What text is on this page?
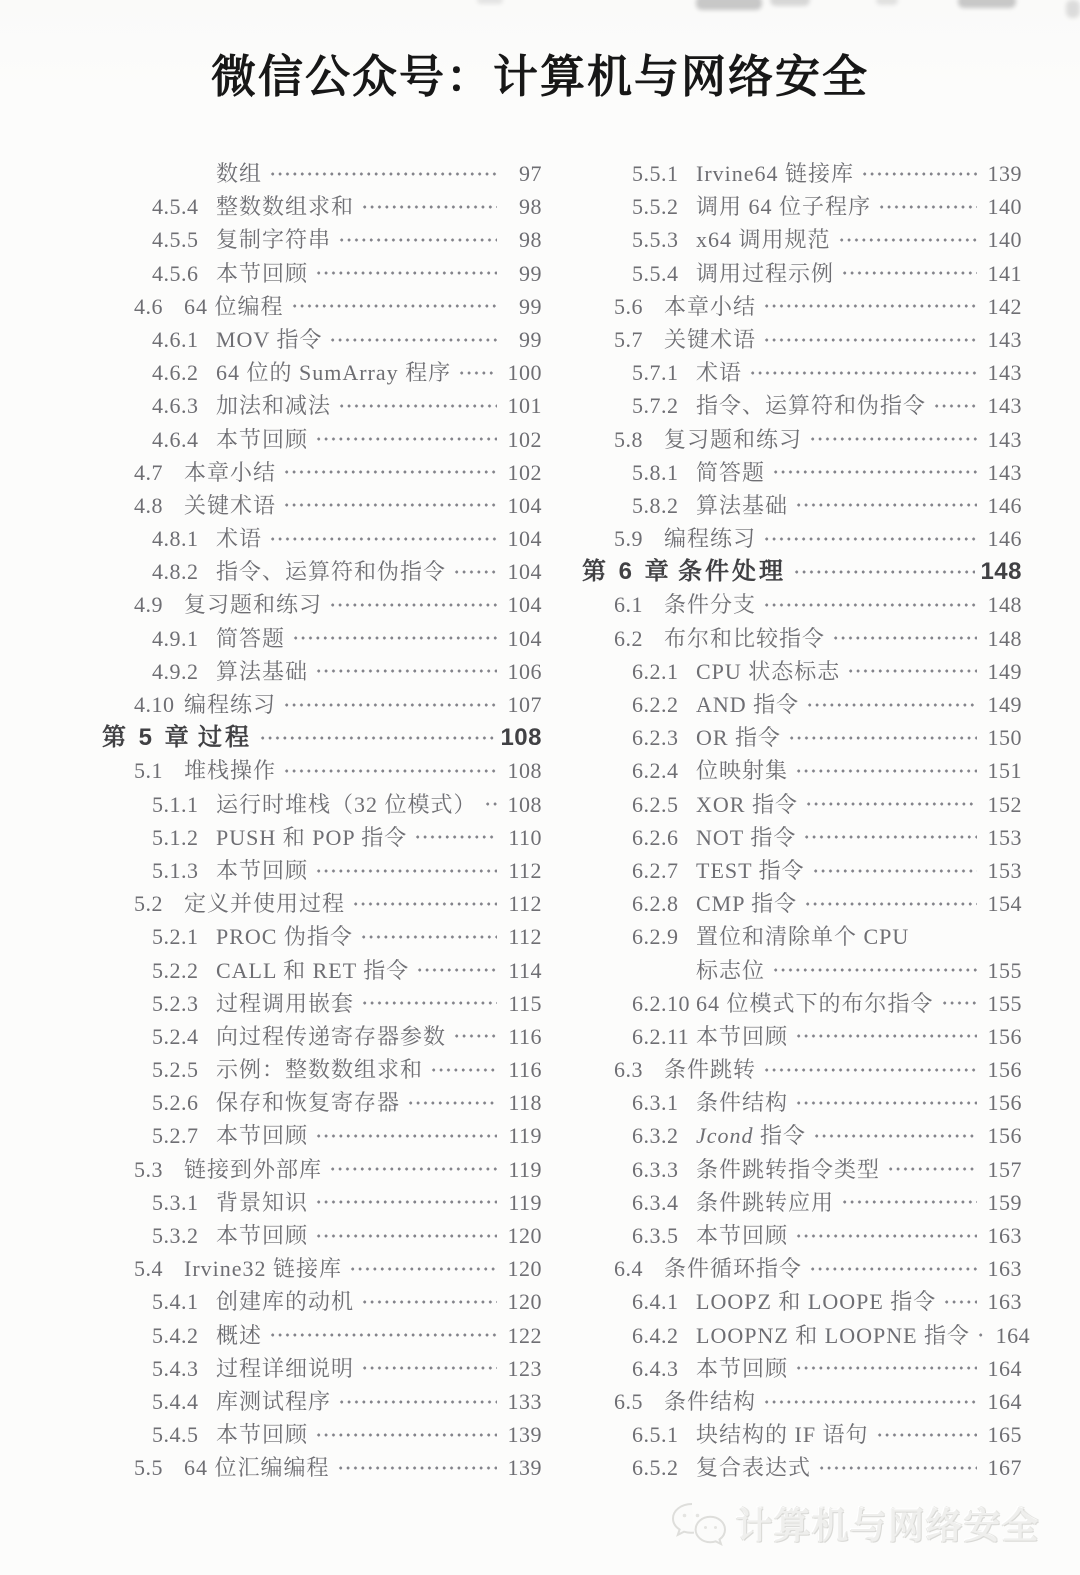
微信公众号：计算机与网络安全
数组	97
4.5.4 整数数组求和	98
4.5.5 复制字符串	98
4.5.6 本节回顾	99
4.6 64 位编程	99
4.6.1 MOV 指令	99
4.6.2 64 位的 SumArray 程序	100
4.6.3 加法和减法	101
4.6.4 本节回顾	102
4.7 本章小结	102
4.8 关键术语	104
4.8.1 术语	104
4.8.2 指令、运算符和伪指令	104
4.9 复习题和练习	104
4.9.1 简答题	104
4.9.2 算法基础	106
4.10 编程练习	107
第 5 章 过程	108
5.1 堆栈操作	108
5.1.1 运行时堆栈（32 位模式） 108
5.1.2 PUSH 和 POP 指令	110
5.1.3 本节回顾	112
5.2 定义并使用过程	112
5.2.1 PROC 伪指令	112
5.2.2 CALL 和 RET 指令	114
5.2.3 过程调用嵌套	115
5.2.4 向过程传递寄存器参数	116
5.2.5 示例：整数数组求和	116
5.2.6 保存和恢复寄存器	118
5.2.7 本节回顾	119
5.3 链接到外部库	119
5.3.1 背景知识	119
5.3.2 本节回顾	120
5.4 Irvine32 链接库	120
5.4.1 创建库的动机	120
5.4.2 概述	122
5.4.3 过程详细说明	123
5.4.4 库测试程序	133
5.4.5 本节回顾	139
5.5 64 位汇编编程	139
5.5.1 Irvine64 链接库	139
5.5.2 调用 64 位子程序	140
5.5.3 x64 调用规范	140
5.5.4 调用过程示例	141
5.6 本章小结	142
5.7 关键术语	143
5.7.1 术语	143
5.7.2 指令、运算符和伪指令	143
5.8 复习题和练习	143
5.8.1 简答题	143
5.8.2 算法基础	146
5.9 编程练习	146
第 6 章 条件处理	148
6.1 条件分支	148
6.2 布尔和比较指令	148
6.2.1 CPU 状态标志	149
6.2.2 AND 指令	149
6.2.3 OR 指令	150
6.2.4 位映射集	151
6.2.5 XOR 指令	152
6.2.6 NOT 指令	153
6.2.7 TEST 指令	153
6.2.8 CMP 指令	154
6.2.9 置位和清除单个 CPU
标志位	155
6.2.10 64 位模式下的布尔指令 155
6.2.11 本节回顾	156
6.3 条件跳转	156
6.3.1 条件结构	156
6.3.2 Jcond 指令	156
6.3.3 条件跳转指令类型	157
6.3.4 条件跳转应用	159
6.3.5 本节回顾	163
6.4 条件循环指令	163
6.4.1 LOOPZ 和 LOOPE 指令 163
6.4.2 LOOPNZ 和 LOOPNE 指令 164
6.4.3 本节回顾	164
6.5 条件结构	164
6.5.1 块结构的 IF 语句	165
6.5.2 复合表达式	167
计算机与网络安全
